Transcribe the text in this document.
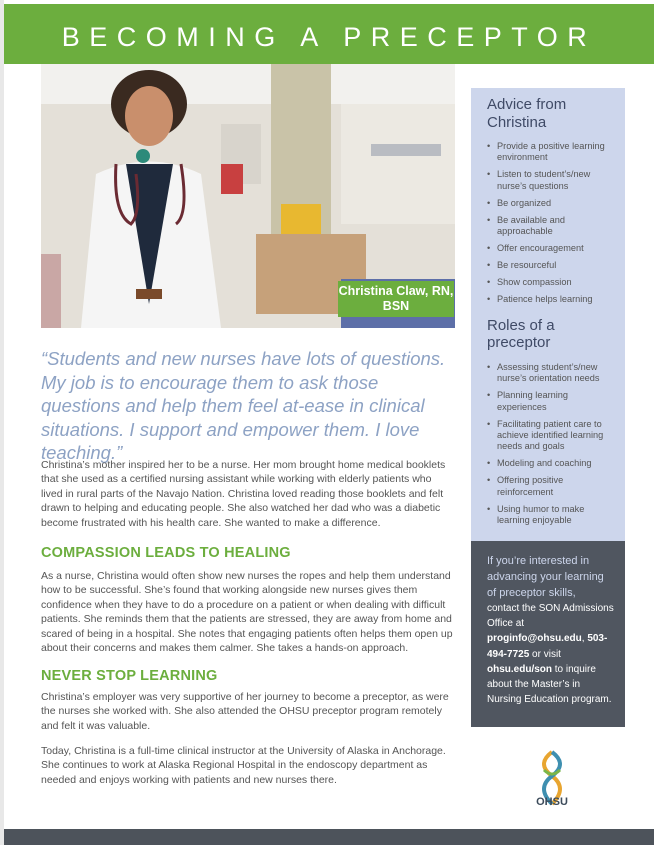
BECOMING A PRECEPTOR
Christina Claw, RN, BSN

“Students and new nurses have lots of questions. My job is to encourage them to ask those questions and help them feel at-ease in clinical situations. I support and empower them. I love teaching.”

Christina’s mother inspired her to be a nurse. Her mom brought home medical booklets that she used as a certified nursing assistant while working with elderly patients who lived in rural parts of the Navajo Nation. Christina loved reading those booklets and felt drawn to helping and educating people. She also watched her dad who was a diabetic become frustrated with his health care. She wanted to make a difference.

COMPASSION LEADS TO HEALING

As a nurse, Christina would often show new nurses the ropes and help them understand how to be successful. She’s found that working alongside new nurses gives them confidence when they have to do a procedure on a patient or when dealing with difficult patients. She reminds them that the patients are stressed, they are away from home and scared of being in a hospital. She notes that engaging patients often helps them open up about their concerns and makes them calmer. She takes a hands-on approach.

NEVER STOP LEARNING

Christina’s employer was very supportive of her journey to become a preceptor, as were the nurses she worked with. She also attended the OHSU preceptor program remotely and felt it was valuable.

Today, Christina is a full-time clinical instructor at the University of Alaska in Anchorage. She continues to work at Alaska Regional Hospital in the endoscopy department as needed and enjoys working with patients and new nurses there.

Advice from Christina
• Provide a positive learning environment
• Listen to student’s/new nurse’s questions
• Be organized
• Be available and approachable
• Offer encouragement
• Be resourceful
• Show compassion
• Patience helps learning
Roles of a preceptor
• Assessing student’s/new nurse’s orientation needs
• Planning learning experiences
• Facilitating patient care to achieve identified learning needs and goals
• Modeling and coaching
• Offering positive reinforcement
• Using humor to make learning enjoyable
If you’re interested in advancing your learning of preceptor skills,
contact the SON Admissions Office at proginfo@ohsu.edu, 503-494-7725 or visit ohsu.edu/son to inquire about the Master’s in Nursing Education program.
OHSU
